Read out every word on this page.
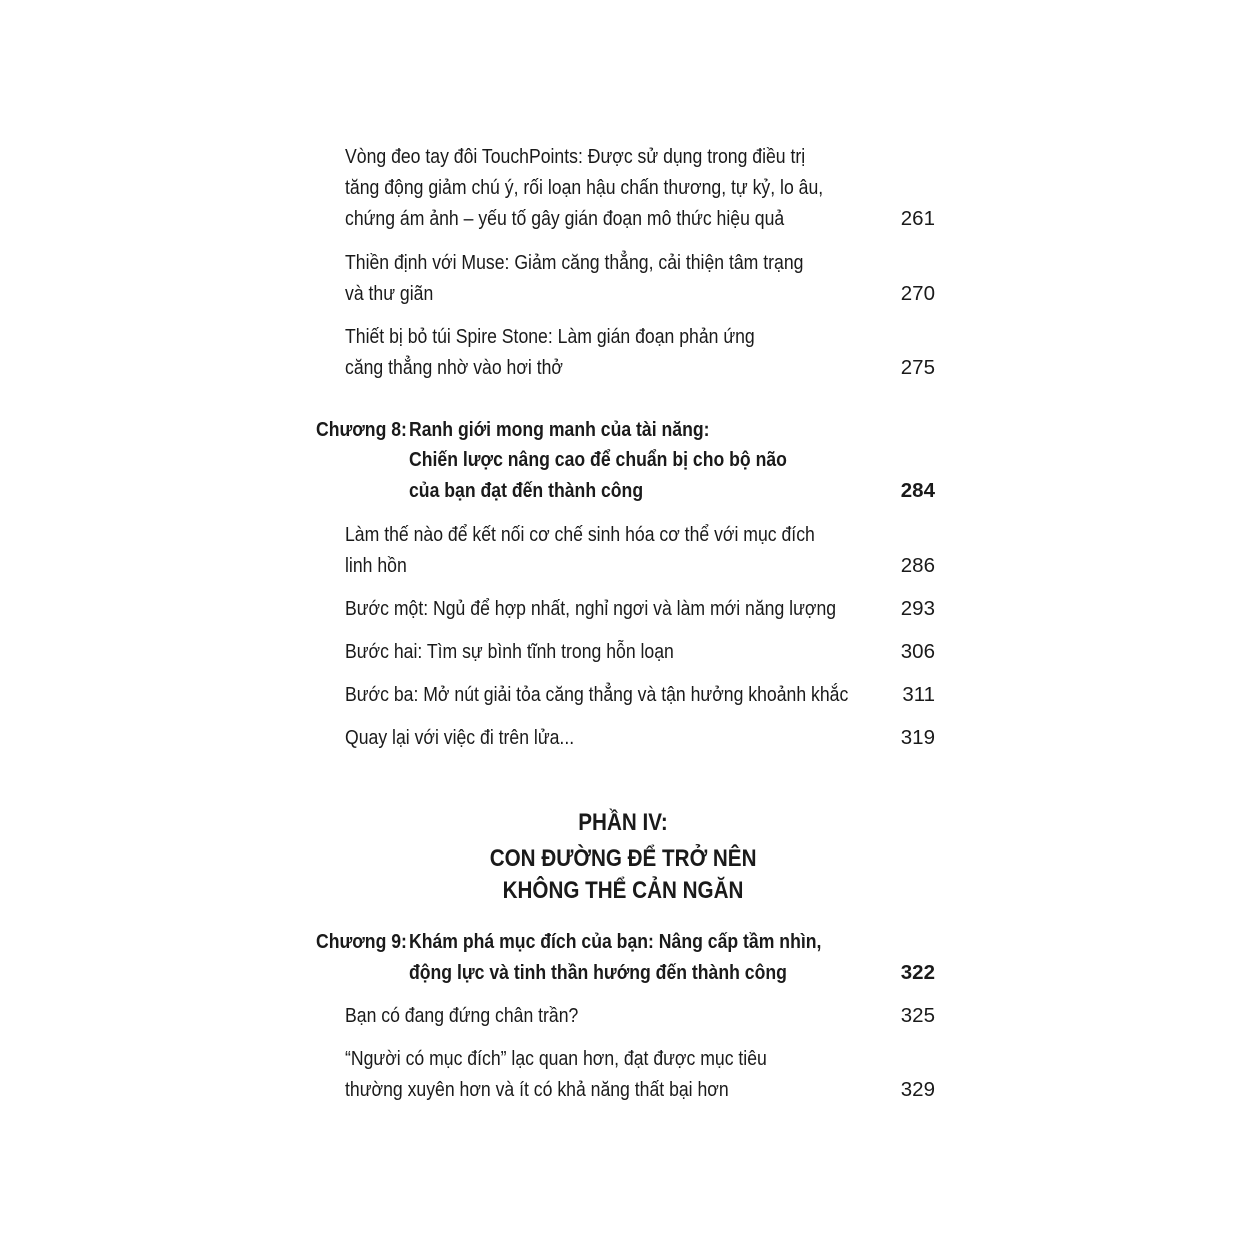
Vòng đeo tay đôi TouchPoints: Được sử dụng trong điều trị
tăng động giảm chú ý, rối loạn hậu chấn thương, tự kỷ, lo âu,
chứng ám ảnh – yếu tố gây gián đoạn mô thức hiệu quả	261
Thiền định với Muse: Giảm căng thẳng, cải thiện tâm trạng
và thư giãn	270
Thiết bị bỏ túi Spire Stone: Làm gián đoạn phản ứng
căng thẳng nhờ vào hơi thở	275
Chương 8: Ranh giới mong manh của tài năng:
Chiến lược nâng cao để chuẩn bị cho bộ não
của bạn đạt đến thành công	284
Làm thế nào để kết nối cơ chế sinh hóa cơ thể với mục đích
linh hồn	286
Bước một: Ngủ để hợp nhất, nghỉ ngơi và làm mới năng lượng	293
Bước hai: Tìm sự bình tĩnh trong hỗn loạn	306
Bước ba: Mở nút giải tỏa căng thẳng và tận hưởng khoảnh khắc	311
Quay lại với việc đi trên lửa...	319
PHẦN IV:
CON ĐƯỜNG ĐỂ TRỞ NÊN
KHÔNG THỂ CẢN NGĂN
Chương 9: Khám phá mục đích của bạn: Nâng cấp tầm nhìn,
động lực và tinh thần hướng đến thành công	322
Bạn có đang đứng chân trần?	325
“Người có mục đích” lạc quan hơn, đạt được mục tiêu
thường xuyên hơn và ít có khả năng thất bại hơn	329
